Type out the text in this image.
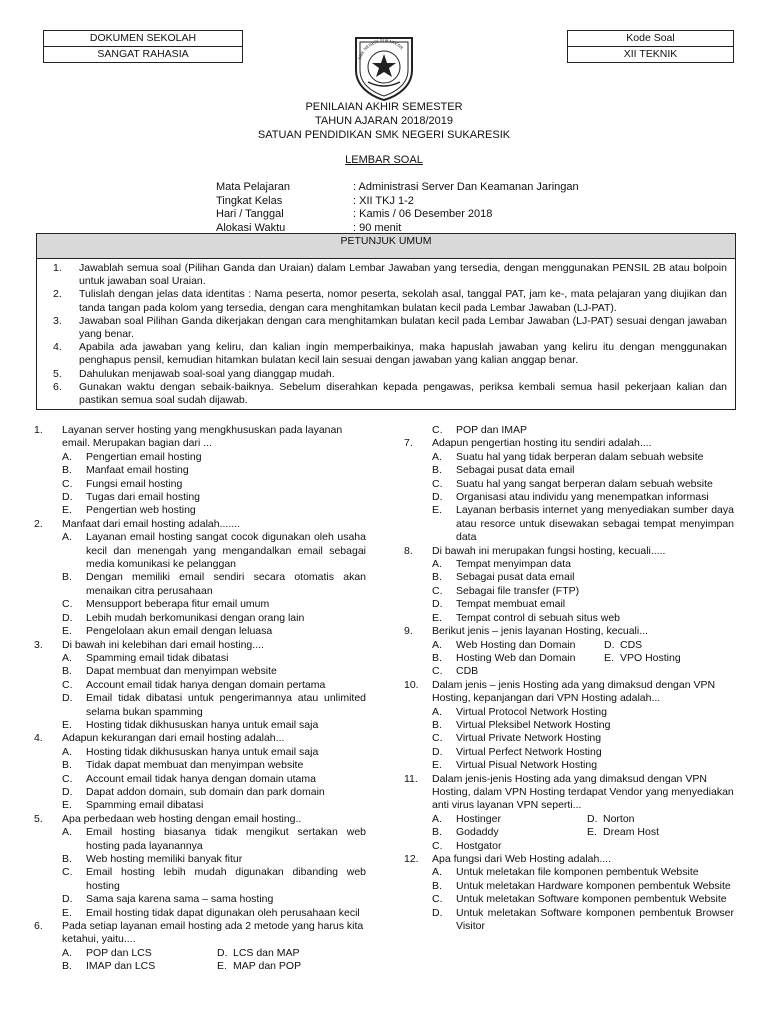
DOKUMEN SEKOLAH
SANGAT RAHASIA
Kode Soal
XII TEKNIK
SMK NEGERI SUKARESIK
PENILAIAN AKHIR SEMESTER
TAHUN AJARAN 2018/2019
SATUAN PENDIDIKAN SMK NEGERI SUKARESIK
LEMBAR SOAL
Mata Pelajaran	: Administrasi Server Dan Keamanan Jaringan
Tingkat Kelas	: XII TKJ 1-2
Hari / Tanggal	: Kamis / 06 Desember 2018
Alokasi Waktu	: 90 menit
PETUNJUK UMUM
1.	Jawablah semua soal (Pilihan Ganda dan Uraian) dalam Lembar Jawaban yang tersedia, dengan menggunakan PENSIL 2B atau bolpoin untuk jawaban soal Uraian.
2.	Tulislah dengan jelas data identitas : Nama peserta, nomor peserta, sekolah asal, tanggal PAT, jam ke-, mata pelajaran yang diujikan dan tanda tangan pada kolom yang tersedia, dengan cara menghitamkan bulatan kecil pada Lembar Jawaban (LJ-PAT).
3.	Jawaban soal Pilihan Ganda dikerjakan dengan cara menghitamkan bulatan kecil pada Lembar Jawaban (LJ-PAT) sesuai dengan jawaban yang benar.
4.	Apabila ada jawaban yang keliru, dan kalian ingin memperbaikinya, maka hapuslah jawaban yang keliru itu dengan menggunakan penghapus pensil, kemudian hitamkan bulatan kecil lain sesuai dengan jawaban yang kalian anggap benar.
5.	Dahulukan menjawab soal-soal yang dianggap mudah.
6.	Gunakan waktu dengan sebaik-baiknya. Sebelum diserahkan kepada pengawas, periksa kembali semua hasil pekerjaan kalian dan pastikan semua soal sudah dijawab.
1.	Layanan server hosting yang mengkhususkan pada layanan email. Merupakan bagian dari ...
A.	Pengertian email hosting
B.	Manfaat email hosting
C.	Fungsi email hosting
D.	Tugas dari email hosting
E.	Pengertian web hosting
2.	Manfaat dari email hosting adalah.......
A.	Layanan email hosting sangat cocok digunakan oleh usaha kecil dan menengah yang mengandalkan email sebagai media komunikasi ke pelanggan
B.	Dengan memiliki email sendiri secara otomatis akan menaikan citra perusahaan
C.	Mensupport beberapa fitur email umum
D.	Lebih mudah berkomunikasi dengan orang lain
E.	Pengelolaan akun email dengan leluasa
3.	Di bawah ini kelebihan dari email hosting....
A.	Spamming email tidak dibatasi
B.	Dapat membuat dan menyimpan website
C.	Account email tidak hanya dengan domain pertama
D.	Email tidak dibatasi untuk pengerimannya atau unlimited selama bukan spamming
E.	Hosting tidak dikhususkan hanya untuk email saja
4.	Adapun kekurangan dari email hosting adalah...
A.	Hosting tidak dikhususkan hanya untuk email saja
B.	Tidak dapat membuat dan menyimpan website
C.	Account email tidak hanya dengan domain utama
D.	Dapat addon domain, sub domain dan park domain
E.	Spamming email dibatasi
5.	Apa perbedaan web hosting dengan email hosting..
A.	Email hosting biasanya tidak mengikut sertakan web hosting pada layanannya
B.	Web hosting memiliki banyak fitur
C.	Email hosting lebih mudah digunakan dibanding web hosting
D.	Sama saja karena sama – sama hosting
E.	Email hosting tidak dapat digunakan oleh perusahaan kecil
6.	Pada setiap layanan email hosting ada 2 metode yang harus kita ketahui, yaitu....
A.	POP dan LCS	D. LCS dan MAP
B.	IMAP dan LCS	E. MAP dan POP
C.	POP dan IMAP
7.	Adapun pengertian hosting itu sendiri adalah....
A.	Suatu hal yang tidak berperan dalam sebuah website
B.	Sebagai pusat data email
C.	Suatu hal yang sangat berperan dalam sebuah website
D.	Organisasi atau individu yang menempatkan informasi
E.	Layanan berbasis internet yang menyediakan sumber daya atau resorce untuk disewakan sebagai tempat menyimpan data
8.	Di bawah ini merupakan fungsi hosting, kecuali.....
A.	Tempat menyimpan data
B.	Sebagai pusat data email
C.	Sebagai file transfer (FTP)
D.	Tempat membuat email
E.	Tempat control di sebuah situs web
9.	Berikut jenis – jenis layanan Hosting, kecuali...
A.	Web Hosting dan Domain	D. CDS
B.	Hosting Web dan Domain	E. VPO Hosting
C.	CDB
10.	Dalam jenis – jenis Hosting ada yang dimaksud dengan VPN Hosting, kepanjangan dari VPN Hosting adalah...
A.	Virtual Protocol Network Hosting
B.	Virtual Pleksibel Network Hosting
C.	Virtual Private Network Hosting
D.	Virtual Perfect Network Hosting
E.	Virtual Pisual Network Hosting
11.	Dalam jenis-jenis Hosting ada yang dimaksud dengan VPN Hosting, dalam VPN Hosting terdapat Vendor yang menyediakan anti virus layanan VPN seperti...
A.	Hostinger	D. Norton
B.	Godaddy	E. Dream Host
C.	Hostgator
12.	Apa fungsi dari Web Hosting adalah....
A.	Untuk meletakan file komponen pembentuk Website
B.	Untuk meletakan Hardware komponen pembentuk Website
C.	Untuk meletakan Software komponen pembentuk Website
D.	Untuk meletakan Software komponen pembentuk Browser Visitor
